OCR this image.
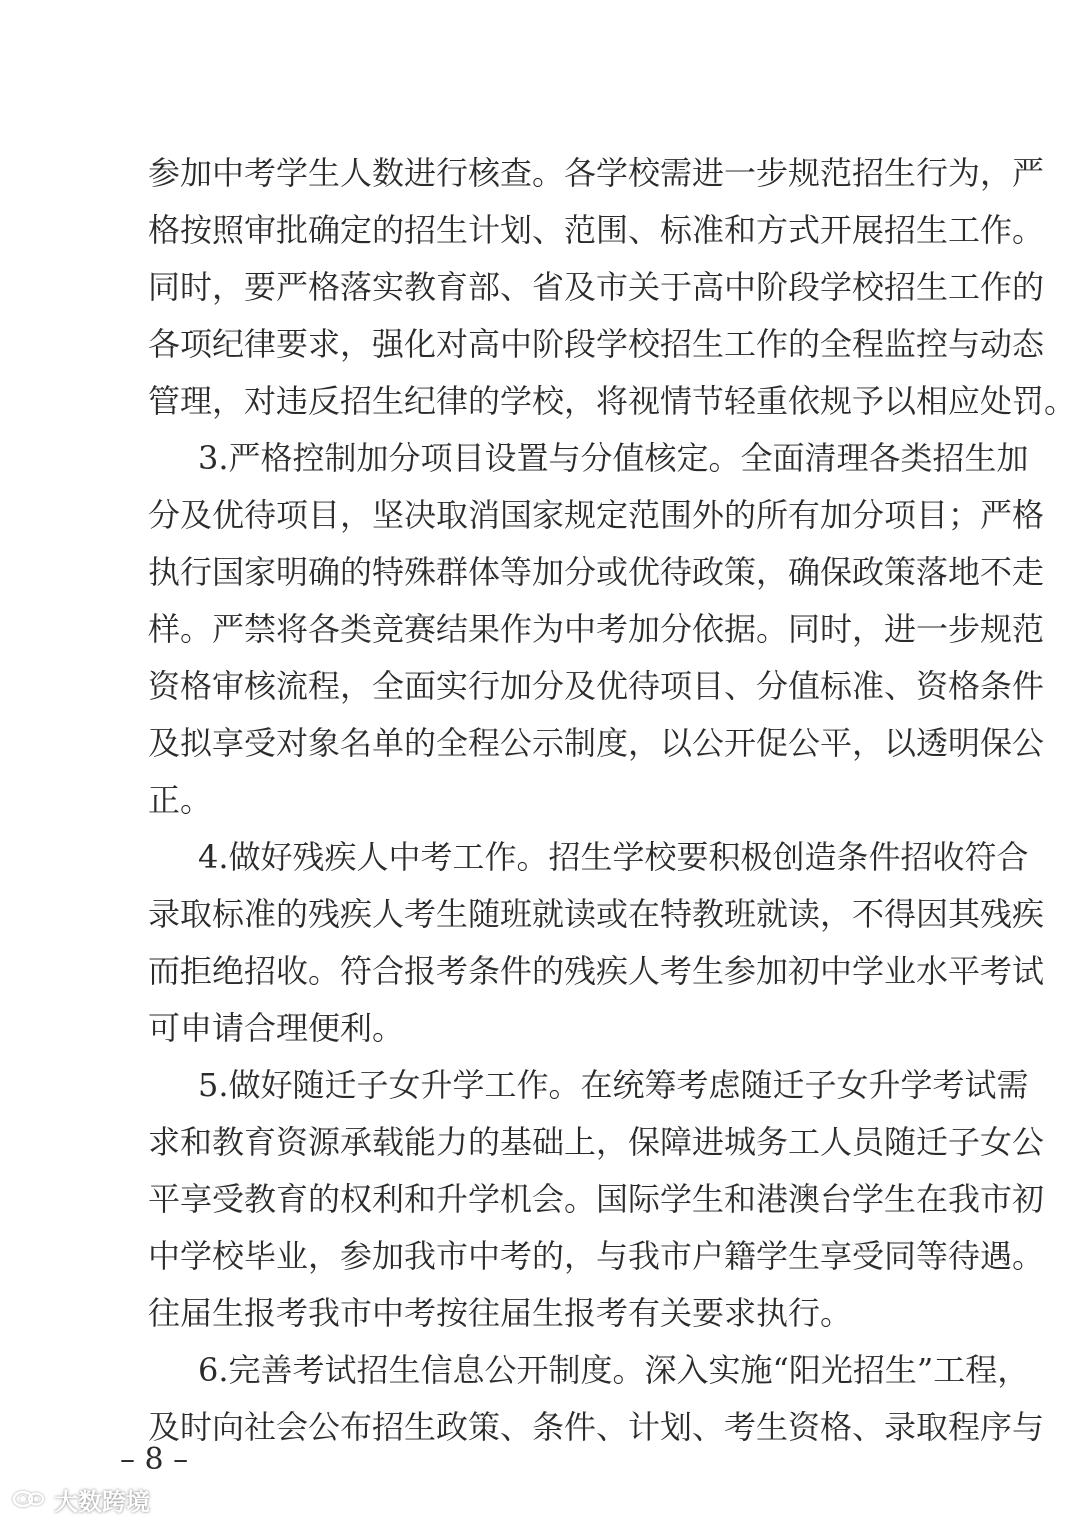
参加中考学生人数进行核查。各学校需进一步规范招生行为，严
格按照审批确定的招生计划、范围、标准和方式开展招生工作。
同时，要严格落实教育部、省及市关于高中阶段学校招生工作的
各项纪律要求，强化对高中阶段学校招生工作的全程监控与动态
管理，对违反招生纪律的学校，将视情节轻重依规予以相应处罚。
3.严格控制加分项目设置与分值核定。全面清理各类招生加
分及优待项目，坚决取消国家规定范围外的所有加分项目；严格
执行国家明确的特殊群体等加分或优待政策，确保政策落地不走
样。严禁将各类竞赛结果作为中考加分依据。同时，进一步规范
资格审核流程，全面实行加分及优待项目、分值标准、资格条件
及拟享受对象名单的全程公示制度，以公开促公平，以透明保公
正。
4.做好残疾人中考工作。招生学校要积极创造条件招收符合
录取标准的残疾人考生随班就读或在特教班就读，不得因其残疾
而拒绝招收。符合报考条件的残疾人考生参加初中学业水平考试
可申请合理便利。
5.做好随迁子女升学工作。在统筹考虑随迁子女升学考试需
求和教育资源承载能力的基础上，保障进城务工人员随迁子女公
平享受教育的权利和升学机会。国际学生和港澳台学生在我市初
中学校毕业，参加我市中考的，与我市户籍学生享受同等待遇。
往届生报考我市中考按往届生报考有关要求执行。
6.完善考试招生信息公开制度。深入实施“阳光招生”工程，
及时向社会公布招生政策、条件、计划、考生资格、录取程序与
– 8 –
大数跨境
